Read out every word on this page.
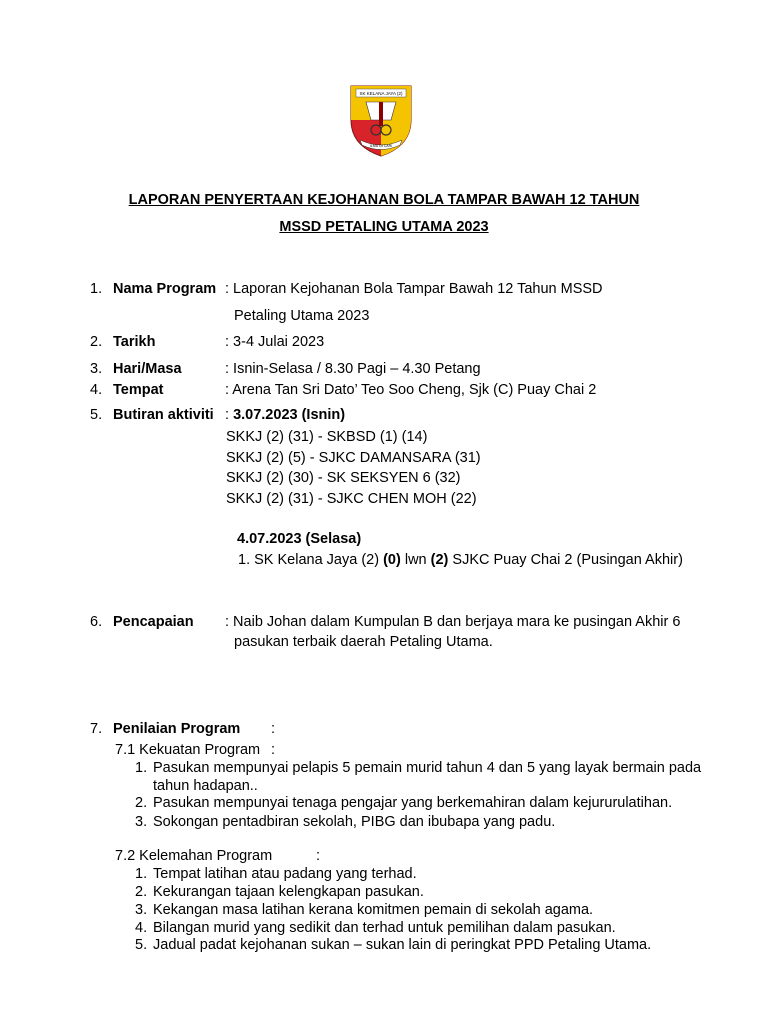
SK KELANA JAYA (2)
ILMU DI CARI
LAPORAN PENYERTAAN KEJOHANAN BOLA TAMPAR BAWAH 12 TAHUN
MSSD PETALING UTAMA 2023
1. Nama Program : Laporan Kejohanan Bola Tampar Bawah 12 Tahun MSSD
Petaling Utama 2023
2. Tarikh	: 3-4 Julai 2023
3. Hari/Masa	: Isnin-Selasa / 8.30 Pagi – 4.30 Petang
4. Tempat	: Arena Tan Sri Dato’ Teo Soo Cheng, Sjk (C) Puay Chai 2
5. Butiran aktiviti : 3.07.2023 (Isnin)
SKKJ (2) (31) - SKBSD (1) (14)
SKKJ (2) (5) - SJKC DAMANSARA (31)
SKKJ (2) (30) - SK SEKSYEN 6 (32)
SKKJ (2) (31) - SJKC CHEN MOH (22)
4.07.2023 (Selasa)
1. SK Kelana Jaya (2) (0) lwn (2) SJKC Puay Chai 2 (Pusingan Akhir)
6. Pencapaian : Naib Johan dalam Kumpulan B dan berjaya mara ke pusingan Akhir 6
pasukan terbaik daerah Petaling Utama.
7. Penilaian Program :
7.1 Kekuatan Program :
1. Pasukan mempunyai pelapis 5 pemain murid tahun 4 dan 5 yang layak bermain pada
tahun hadapan..
2. Pasukan mempunyai tenaga pengajar yang berkemahiran dalam kejururulatihan.
3. Sokongan pentadbiran sekolah, PIBG dan ibubapa yang padu.
7.2 Kelemahan Program	:
1. Tempat latihan atau padang yang terhad.
2. Kekurangan tajaan kelengkapan pasukan.
3. Kekangan masa latihan kerana komitmen pemain di sekolah agama.
4. Bilangan murid yang sedikit dan terhad untuk pemilihan dalam pasukan.
5. Jadual padat kejohanan sukan – sukan lain di peringkat PPD Petaling Utama.
